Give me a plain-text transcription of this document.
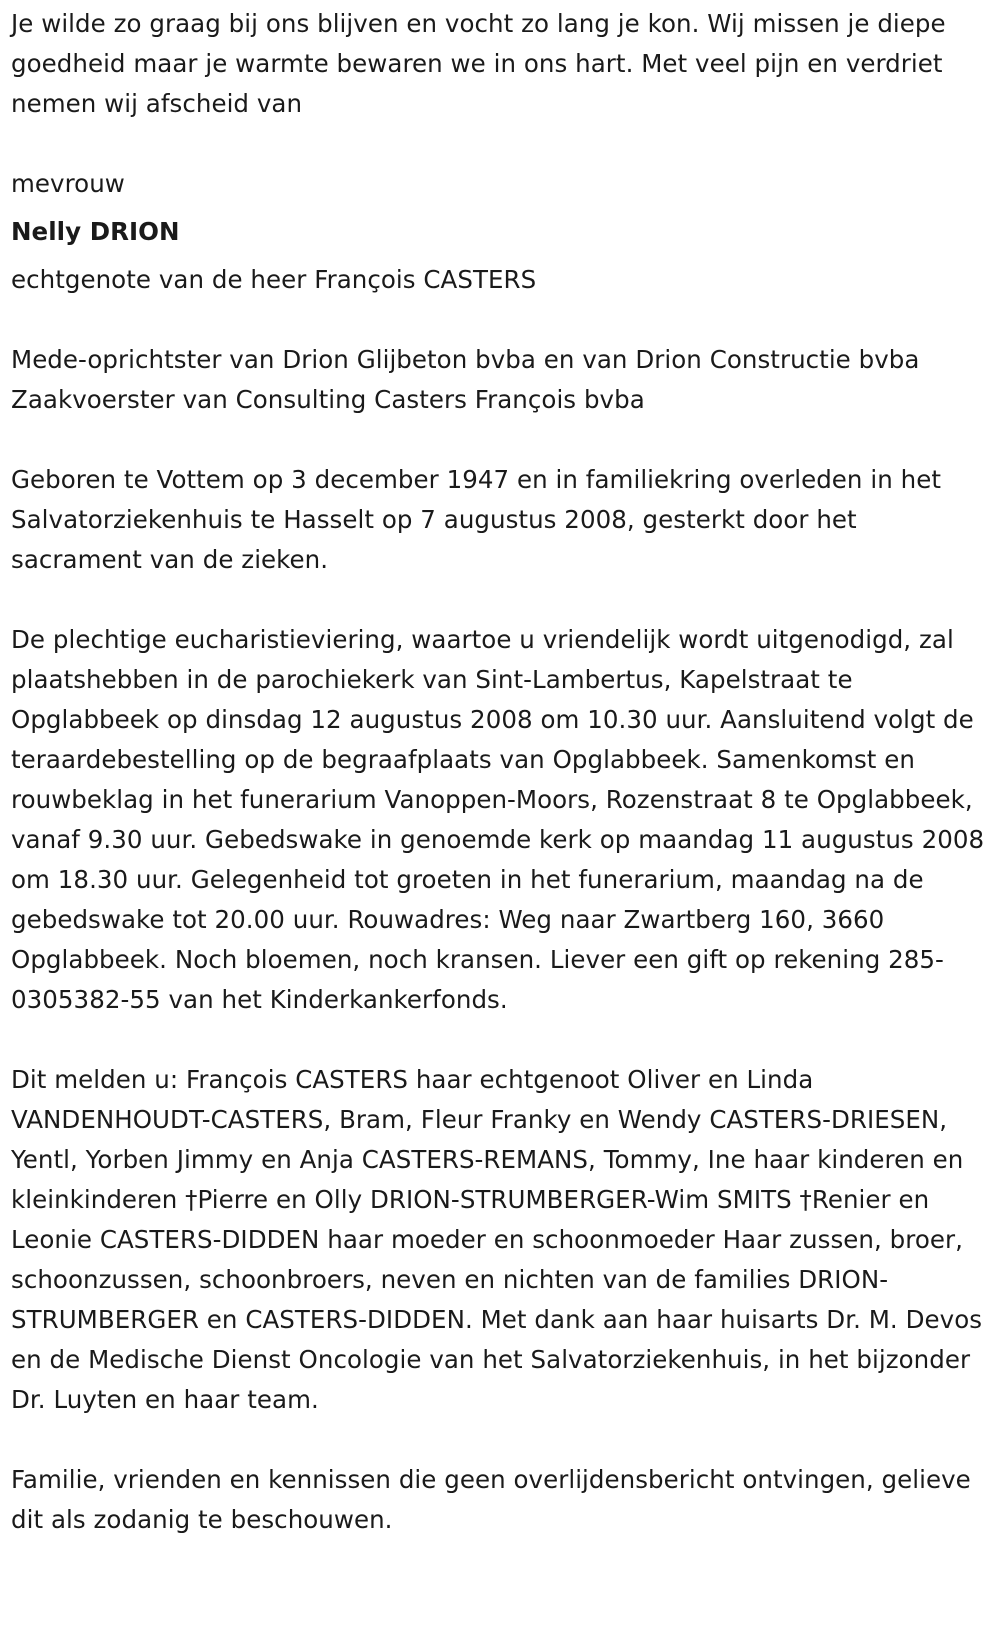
Je wilde zo graag bij ons blijven en vocht zo lang je kon. Wij missen je diepe goedheid maar je warmte bewaren we in ons hart. Met veel pijn en verdriet nemen wij afscheid van

mevrouw

Nelly DRION

echtgenote van de heer François CASTERS

Mede-oprichtster van Drion Glijbeton bvba en van Drion Constructie bvba Zaakvoerster van Consulting Casters François bvba

Geboren te Vottem op 3 december 1947 en in familiekring overleden in het Salvatorziekenhuis te Hasselt op 7 augustus 2008, gesterkt door het sacrament van de zieken.

De plechtige eucharistieviering, waartoe u vriendelijk wordt uitgenodigd, zal plaatshebben in de parochiekerk van Sint-Lambertus, Kapelstraat te Opglabbeek op dinsdag 12 augustus 2008 om 10.30 uur. Aansluitend volgt de teraardebestelling op de begraafplaats van Opglabbeek. Samenkomst en rouwbeklag in het funerarium Vanoppen-Moors, Rozenstraat 8 te Opglabbeek, vanaf 9.30 uur. Gebedswake in genoemde kerk op maandag 11 augustus 2008 om 18.30 uur. Gelegenheid tot groeten in het funerarium, maandag na de gebedswake tot 20.00 uur. Rouwadres: Weg naar Zwartberg 160, 3660 Opglabbeek. Noch bloemen, noch kransen. Liever een gift op rekening 285-0305382-55 van het Kinderkankerfonds.

Dit melden u: François CASTERS haar echtgenoot Oliver en Linda VANDENHOUDT-CASTERS, Bram, Fleur Franky en Wendy CASTERS-DRIESEN, Yentl, Yorben Jimmy en Anja CASTERS-REMANS, Tommy, Ine haar kinderen en kleinkinderen †Pierre en Olly DRION-STRUMBERGER-Wim SMITS †Renier en Leonie CASTERS-DIDDEN haar moeder en schoonmoeder Haar zussen, broer, schoonzussen, schoonbroers, neven en nichten van de families DRION-STRUMBERGER en CASTERS-DIDDEN. Met dank aan haar huisarts Dr. M. Devos en de Medische Dienst Oncologie van het Salvatorziekenhuis, in het bijzonder Dr. Luyten en haar team.

Familie, vrienden en kennissen die geen overlijdensbericht ontvingen, gelieve dit als zodanig te beschouwen.
